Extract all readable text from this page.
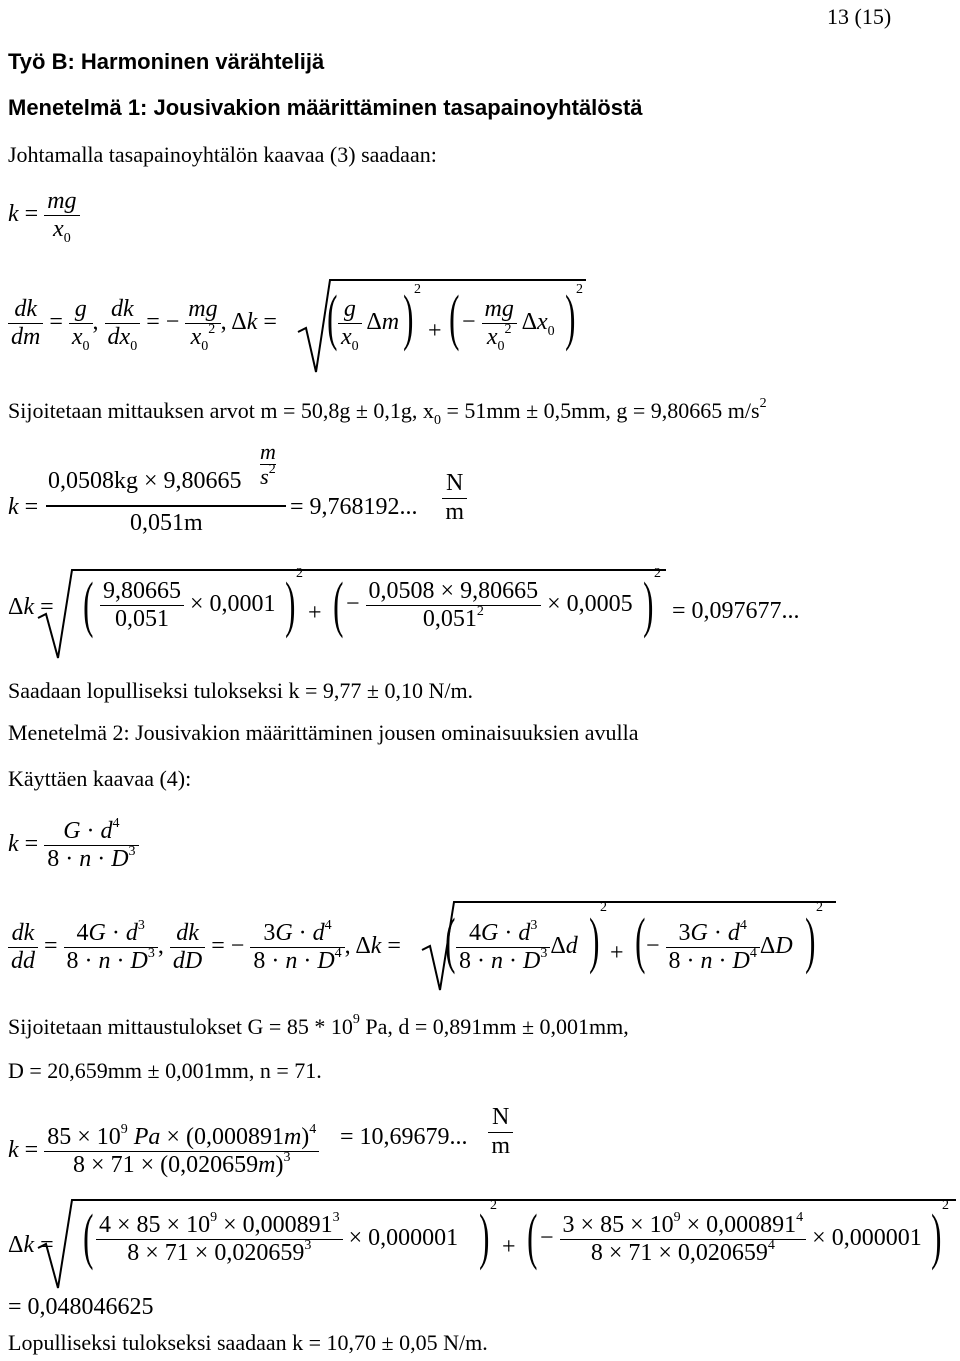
13 (15)
Työ B: Harmoninen värähtelijä
Menetelmä 1: Jousivakion määrittäminen tasapainoyhtälöstä
Johtamalla tasapainoyhtälön kaavaa (3) saadaan:
$k = \frac{mg}{x_0}$
$\frac{dk}{dm} = \frac{g}{x_0}$ , $\frac{dk}{dx_0}$ = − $\frac{mg}{x_0^2}$ , Δk =	$\frac{g}{x_0}$ Δm
( ) 2
+ ( − $\frac{mg}{x_0^2} \Delta x_0$ ) 2
Sijoitetaan mittauksen arvot m = 50,8g ± 0,1g, $x_0 = 51mm \pm 0,5mm$, g = 9,80665 $m/s^2$
k =
0,0508kg × 9,80665
m
$s^2$
0,051m
= 9,768192...
N
m
Δk = ( $\frac{9,80665}{0,051} \times 0,0001$ ) 2
+ ( − $\frac{0,0508 \times 9,80665}{0,051^2} \times 0,0005$ ) 2
= 0,097677...
Saadaan lopulliseksi tulokseksi k = 9,77 ± 0,10 N/m.
Menetelmä 2: Jousivakion määrittäminen jousen ominaisuuksien avulla
Käyttäen kaavaa (4):
$k = \frac{G \cdot d^4}{8 \cdot n \cdot D^3}$
$\frac{dk}{dd} = \frac{4G \cdot d^3}{8 \cdot n \cdot D^3}$ , $\frac{dk}{dD}$ = − $\frac{3G \cdot d^4}{8 \cdot n \cdot D^4}$ , Δk = ( $\frac{4G \cdot d^3}{8 \cdot n \cdot D^3}$ Δd ) 2
+ ( − $\frac{3G \cdot d^4}{8 \cdot n \cdot D^4}$ ΔD ) 2
Sijoitetaan mittaustulokset $G = 85 * 10^9$ Pa, d = 0,891mm ± 0,001mm,
D = 20,659mm ± 0,001mm, n = 71.
$k = \frac{85 \times 10^9 Pa \times (0,000891m)^4}{8 \times 71 \times (0,020659m)^3} = 10,69679$...
N
m
Δk = ( $\frac{4 \times 85 \times 10^9 \times 0,000891^3}{8 \times 71 \times 0,020659^3} \times 0,000001$ ) 2
+ ( − $\frac{3 \times 85 \times 10^9 \times 0,000891^4}{8 \times 71 \times 0,020659^4} \times 0,000001$ ) 2
= 0,048046625
Lopulliseksi tulokseksi saadaan k = 10,70 ± 0,05 N/m.
